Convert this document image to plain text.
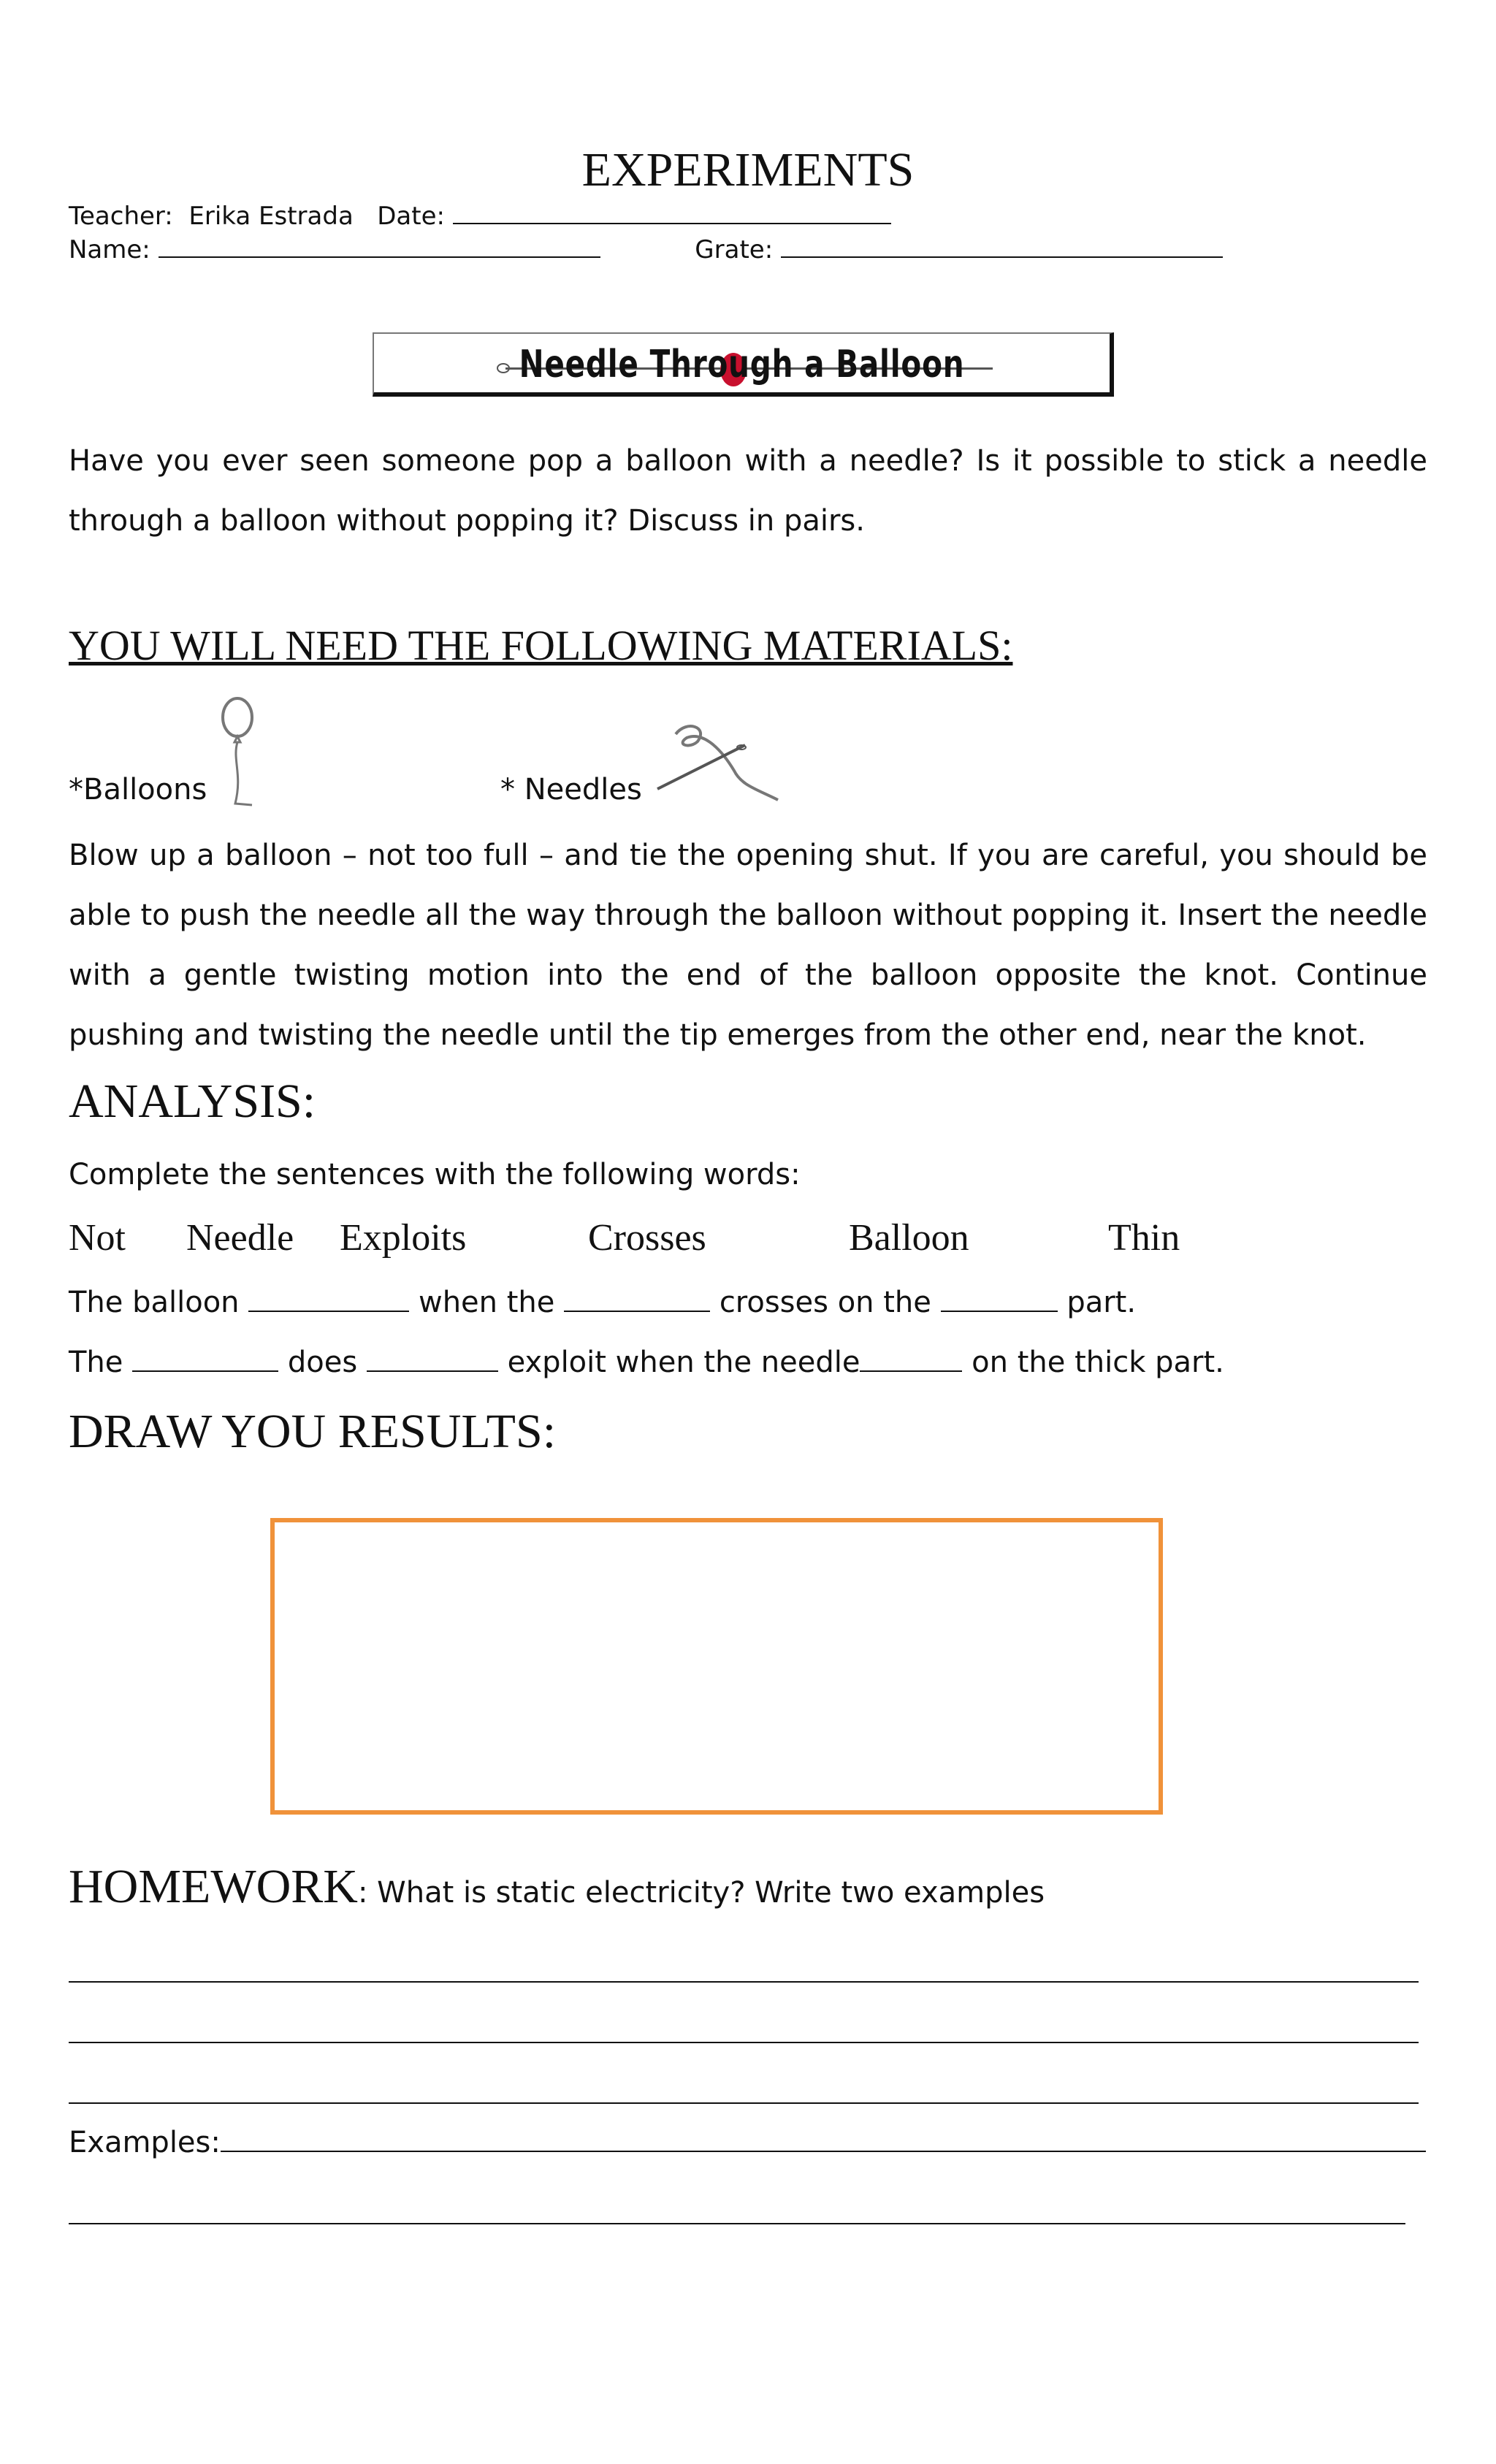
EXPERIMENTS
Teacher: Erika Estrada Date:
Name:	Grate:
Needle Through a Balloon
Have you ever seen someone pop a balloon with a needle? Is it possible to stick a needle through a balloon without popping it? Discuss in pairs.
YOU WILL NEED THE FOLLOWING MATERIALS:
*Balloons	* Needles
Blow up a balloon – not too full – and tie the opening shut. If you are careful, you should be able to push the needle all the way through the balloon without popping it. Insert the needle with a gentle twisting motion into the end of the balloon opposite the knot. Continue pushing and twisting the needle until the tip emerges from the other end, near the knot.
ANALYSIS:
Complete the sentences with the following words:
Not Needle Exploits	Crosses	Balloon	Thin
The balloon	when the	crosses on the	part.
The	does	exploit when the needle	on the thick part.
DRAW YOU RESULTS:
HOMEWORK: What is static electricity? Write two examples
Examples:
